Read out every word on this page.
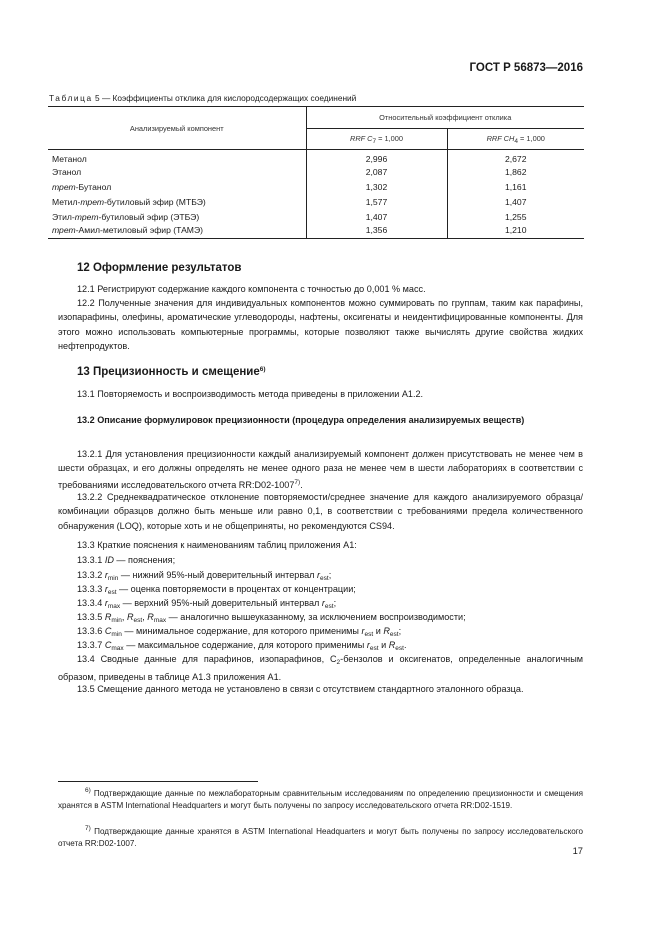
ГОСТ Р 56873—2016
Таблица 5 — Коэффициенты отклика для кислородсодержащих соединений
Анализируемый компонент	Относительный коэффициент отклика	
	RRF $C_7 = 1,000$	RRF $CH_4 = 1,000$
Метанол	2,996	2,672
Этанол	2,087	1,862
трет-Бутанол	1,302	1,161
Метил-трет-бутиловый эфир (МТБЭ)	1,577	1,407
Этил-трет-бутиловый эфир (ЭТБЭ)	1,407	1,255
трет-Амил-метиловый эфир (ТАМЭ)	1,356	1,210
12 Оформление результатов
12.1 Регистрируют содержание каждого компонента с точностью до 0,001 % масс.
12.2 Полученные значения для индивидуальных компонентов можно суммировать по группам, таким как парафины, изопарафины, олефины, ароматические углеводороды, нафтены, оксигенаты и неидентифицированные компоненты. Для этого можно использовать компьютерные программы, которые позволяют также вычислять другие свойства жидких нефтепродуктов.
13 Прецизионность и смещение$^{6)}$
13.1 Повторяемость и воспроизводимость метода приведены в приложении А1.2.
13.2 Описание формулировок прецизионности (процедура определения анализируемых веществ)
13.2.1 Для установления прецизионности каждый анализируемый компонент должен присутствовать не менее чем в шести образцах, и его должны определять не менее одного раза не менее чем в шести лабораториях в соответствии с требованиями исследовательского отчета RR:D02-1007$^{7)}$.
13.2.2 Среднеквадратическое отклонение повторяемости/среднее значение для каждого анализируемого образца/комбинации образцов должно быть меньше или равно 0,1, в соответствии с требованиями предела количественного обнаружения (LOQ), которые хоть и не общеприняты, но рекомендуются CS94.
13.3 Краткие пояснения к наименованиям таблиц приложения А1:
13.3.1 ID — пояснения;
13.3.2 $r_{min}$ — нижний 95%-ный доверительный интервал $r_{est}$;
13.3.3 $r_{est}$ — оценка повторяемости в процентах от концентрации;
13.3.4 $r_{max}$ — верхний 95%-ный доверительный интервал $r_{est}$;
13.3.5 $R_{min}$, $R_{est}$, $R_{max}$ — аналогично вышеуказанному, за исключением воспроизводимости;
13.3.6 $C_{min}$ — минимальное содержание, для которого применимы $r_{est}$ и $R_{est}$;
13.3.7 $C_{max}$ — максимальное содержание, для которого применимы $r_{est}$ и $R_{est}$.
13.4 Сводные данные для парафинов, изопарафинов, $С_2$-бензолов и оксигенатов, определенные аналогичным образом, приведены в таблице А1.3 приложения А1.
13.5 Смещение данного метода не установлено в связи с отсутствием стандартного эталонного образца.
$^{6)}$ Подтверждающие данные по межлабораторным сравнительным исследованиям по определению прецизионности и смещения хранятся в ASTM International Headquarters и могут быть получены по запросу исследовательского отчета RR:D02-1519.
$^{7)}$ Подтверждающие данные хранятся в ASTM International Headquarters и могут быть получены по запросу исследовательского отчета RR:D02-1007.
17
